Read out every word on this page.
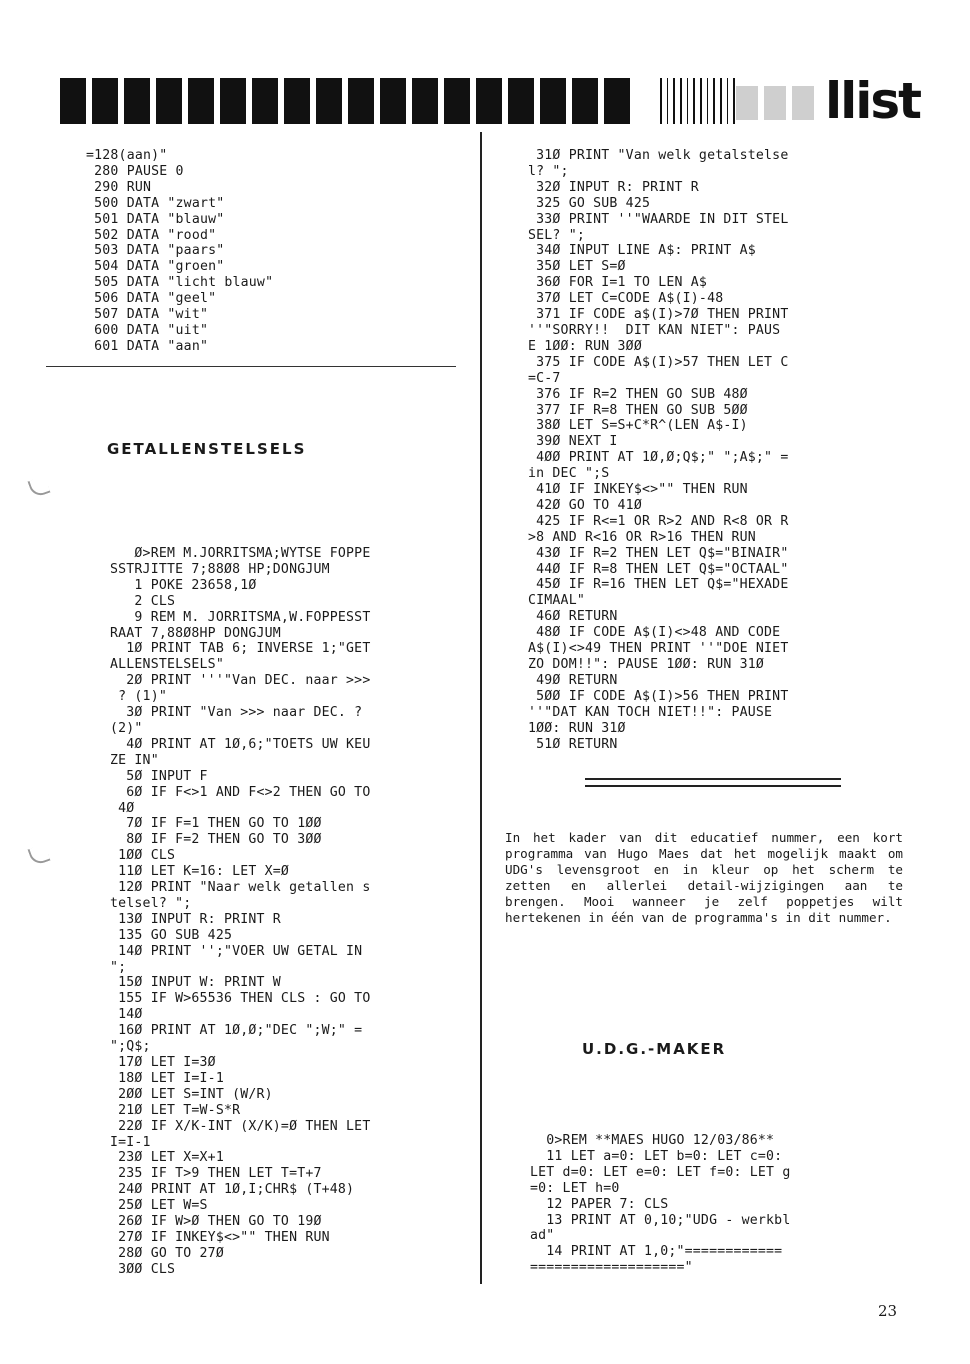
llist
=128(aan)"
280 PAUSE 0
290 RUN
500 DATA "zwart"
501 DATA "blauw"
502 DATA "rood"
503 DATA "paars"
504 DATA "groen"
505 DATA "licht blauw"
506 DATA "geel"
507 DATA "wit"
600 DATA "uit"
601 DATA "aan"
GETALLENSTELSELS
Ø>REM M.JORRITSMA;WYTSE FOPPE
SSTRJITTE 7;88Ø8 HP;DONGJUM
1 POKE 23658,1Ø
2 CLS
9 REM M. JORRITSMA,W.FOPPESST
RAAT 7,88Ø8HP DONGJUM
1Ø PRINT TAB 6; INVERSE 1;"GET
ALLENSTELSELS"
2Ø PRINT '''"Van DEC. naar >>>
? (1)"
3Ø PRINT "Van >>> naar DEC. ?
(2)"
4Ø PRINT AT 1Ø,6;"TOETS UW KEU
ZE IN"
5Ø INPUT F
6Ø IF F<>1 AND F<>2 THEN GO TO
4Ø
7Ø IF F=1 THEN GO TO 1ØØ
8Ø IF F=2 THEN GO TO 3ØØ
1ØØ CLS
11Ø LET K=16: LET X=Ø
12Ø PRINT "Naar welk getallen s
telsel? ";
13Ø INPUT R: PRINT R
135 GO SUB 425
14Ø PRINT '';"VOER UW GETAL IN
";
15Ø INPUT W: PRINT W
155 IF W>65536 THEN CLS : GO TO
14Ø
16Ø PRINT AT 1Ø,Ø;"DEC ";W;" =
";Q$;
17Ø LET I=3Ø
18Ø LET I=I-1
2ØØ LET S=INT (W/R)
21Ø LET T=W-S*R
22Ø IF X/K-INT (X/K)=Ø THEN LET
I=I-1
23Ø LET X=X+1
235 IF T>9 THEN LET T=T+7
24Ø PRINT AT 1Ø,I;CHR$ (T+48)
25Ø LET W=S
26Ø IF W>Ø THEN GO TO 19Ø
27Ø IF INKEY$<>"" THEN RUN
28Ø GO TO 27Ø
3ØØ CLS
31Ø PRINT "Van welk getalstelse
l? ";
32Ø INPUT R: PRINT R
325 GO SUB 425
33Ø PRINT ''"WAARDE IN DIT STEL
SEL? ";
34Ø INPUT LINE A$: PRINT A$
35Ø LET S=Ø
36Ø FOR I=1 TO LEN A$
37Ø LET C=CODE A$(I)-48
371 IF CODE a$(I)>7Ø THEN PRINT
''"SORRY!!  DIT KAN NIET": PAUS
E 1ØØ: RUN 3ØØ
375 IF CODE A$(I)>57 THEN LET C
=C-7
376 IF R=2 THEN GO SUB 48Ø
377 IF R=8 THEN GO SUB 5ØØ
38Ø LET S=S+C*R^(LEN A$-I)
39Ø NEXT I
4ØØ PRINT AT 1Ø,Ø;Q$;" ";A$;" =
in DEC ";S
41Ø IF INKEY$<>"" THEN RUN
42Ø GO TO 41Ø
425 IF R<=1 OR R>2 AND R<8 OR R
>8 AND R<16 OR R>16 THEN RUN
43Ø IF R=2 THEN LET Q$="BINAIR"
44Ø IF R=8 THEN LET Q$="OCTAAL"
45Ø IF R=16 THEN LET Q$="HEXADE
CIMAAL"
46Ø RETURN
48Ø IF CODE A$(I)<>48 AND CODE
A$(I)<>49 THEN PRINT ''"DOE NIET
ZO DOM!!": PAUSE 1ØØ: RUN 31Ø
49Ø RETURN
5ØØ IF CODE A$(I)>56 THEN PRINT
''"DAT KAN TOCH NIET!!": PAUSE
1ØØ: RUN 31Ø
51Ø RETURN
In het kader van dit educatief nummer, een kort programma van Hugo Maes dat het mogelijk maakt om UDG's levensgroot en in kleur op het scherm te zetten en allerlei detail-wijzigingen aan te brengen. Mooi wanneer je zelf poppetjes wilt hertekenen in één van de programma's in dit nummer.
U.D.G.-MAKER
0>REM **MAES HUGO 12/03/86**
11 LET a=0: LET b=0: LET c=0:
LET d=0: LET e=0: LET f=0: LET g
=0: LET h=0
12 PAPER 7: CLS
13 PRINT AT 0,10;"UDG - werkbl
ad"
14 PRINT AT 1,0;"============
==================="
23
